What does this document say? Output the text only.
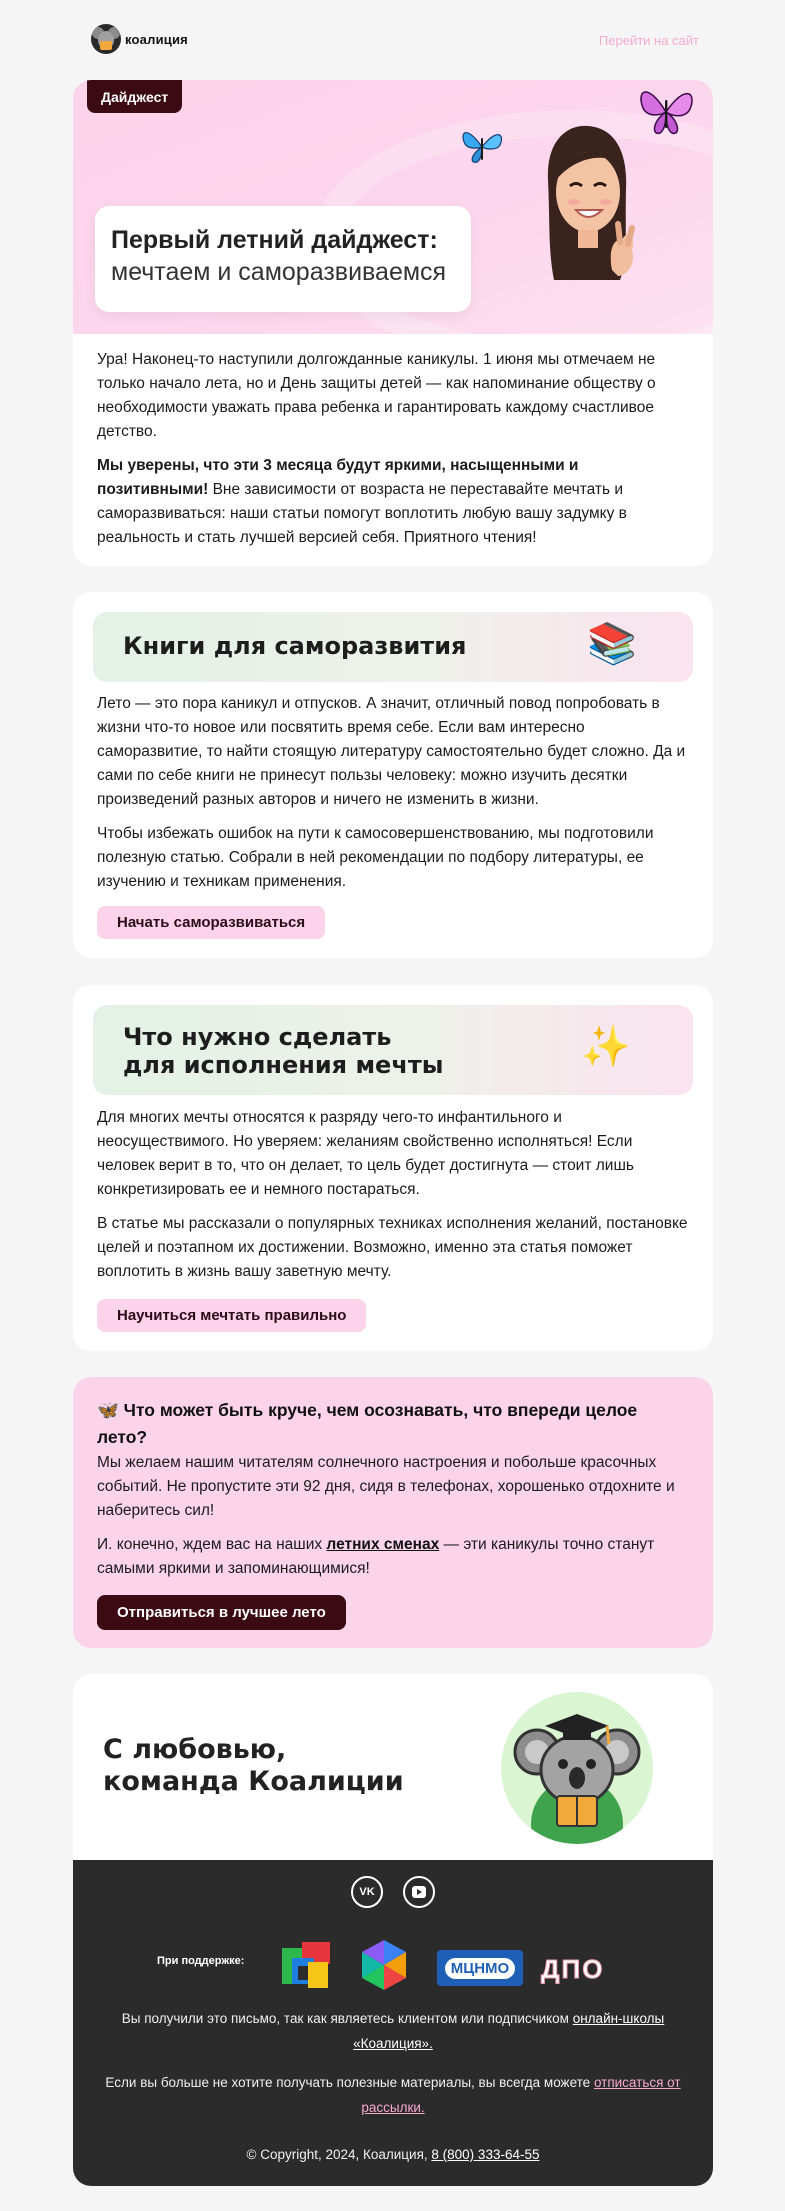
коалиция	Перейти на сайт
Дайджест
Первый летний дайджест:
мечтаем и саморазвиваемся

Ура! Наконец-то наступили долгожданные каникулы. 1 июня мы отмечаем не только начало лета, но и День защиты детей — как напоминание обществу о необходимости уважать права ребенка и гарантировать каждому счастливое детство.

Мы уверены, что эти 3 месяца будут яркими, насыщенными и позитивными! Вне зависимости от возраста не переставайте мечтать и саморазвиваться: наши статьи помогут воплотить любую вашу задумку в реальность и стать лучшей версией себя. Приятного чтения!

Книги для саморазвития	📚

Лето — это пора каникул и отпусков. А значит, отличный повод попробовать в жизни что-то новое или посвятить время себе. Если вам интересно саморазвитие, то найти стоящую литературу самостоятельно будет сложно. Да и сами по себе книги не принесут пользы человеку: можно изучить десятки произведений разных авторов и ничего не изменить в жизни.

Чтобы избежать ошибок на пути к самосовершенствованию, мы подготовили полезную статью. Собрали в ней рекомендации по подбору литературы, ее изучению и техникам применения.

Начать саморазвиваться
Что нужно сделать
для исполнения мечты	✨

Для многих мечты относятся к разряду чего-то инфантильного и неосуществимого. Но уверяем: желаниям свойственно исполняться! Если человек верит в то, что он делает, то цель будет достигнута — стоит лишь конкретизировать ее и немного постараться.

В статье мы рассказали о популярных техниках исполнения желаний, постановке целей и поэтапном их достижении. Возможно, именно эта статья поможет воплотить в жизнь вашу заветную мечту.

Научиться мечтать правильно
🦋 Что может быть круче, чем осознавать, что впереди целое лето?

Мы желаем нашим читателям солнечного настроения и побольше красочных событий. Не пропустите эти 92 дня, сидя в телефонах, хорошенько отдохните и наберитесь сил!

И. конечно, ждем вас на наших летних сменах — эти каникулы точно станут самыми яркими и запоминающимися!

Отправиться в лучшее лето
С любовью,
команда Коалиции
VK
При поддержке:	МЦНМО ДПО
Вы получили это письмо, так как являетесь клиентом или подписчиком онлайн-школы «Коалиция».
Если вы больше не хотите получать полезные материалы, вы всегда можете отписаться от рассылки.
© Copyright, 2024, Коалиция, 8 (800) 333-64-55
